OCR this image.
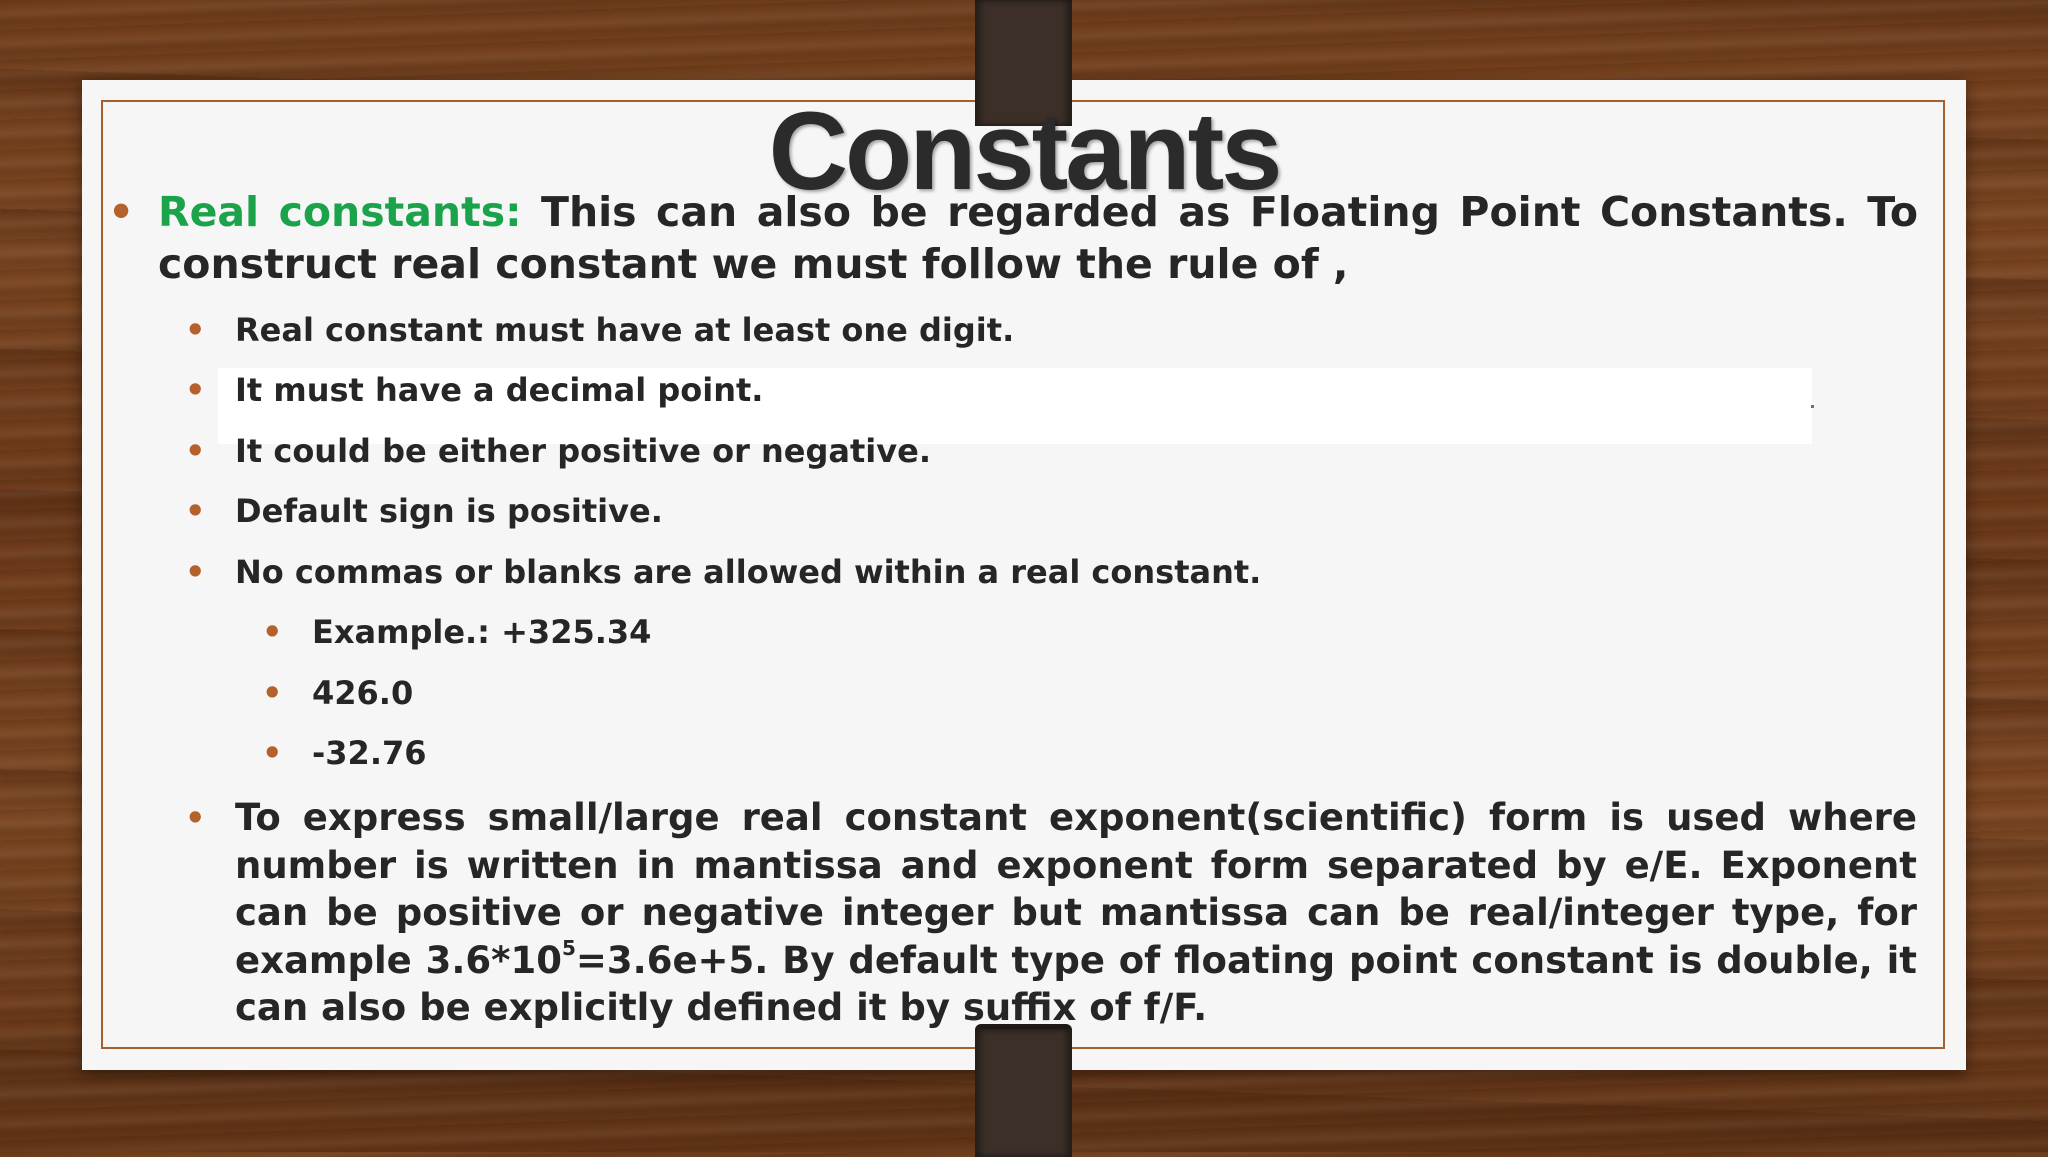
Constants
• Real constants: This can also be regarded as Floating Point Constants. To construct real constant we must follow the rule of ,
• Real constant must have at least one digit.
• It must have a decimal point.
• It could be either positive or negative.
• Default sign is positive.
• No commas or blanks are allowed within a real constant.
• Example.: +325.34
• 426.0
• -32.76
• To express small/large real constant exponent(scientific) form is used where number is written in mantissa and exponent form separated by e/E. Exponent can be positive or negative integer but mantissa can be real/integer type, for example $3.6*10^5=3.6e+5$. By default type of floating point constant is double, it can also be explicitly defined it by suffix of f/F.
